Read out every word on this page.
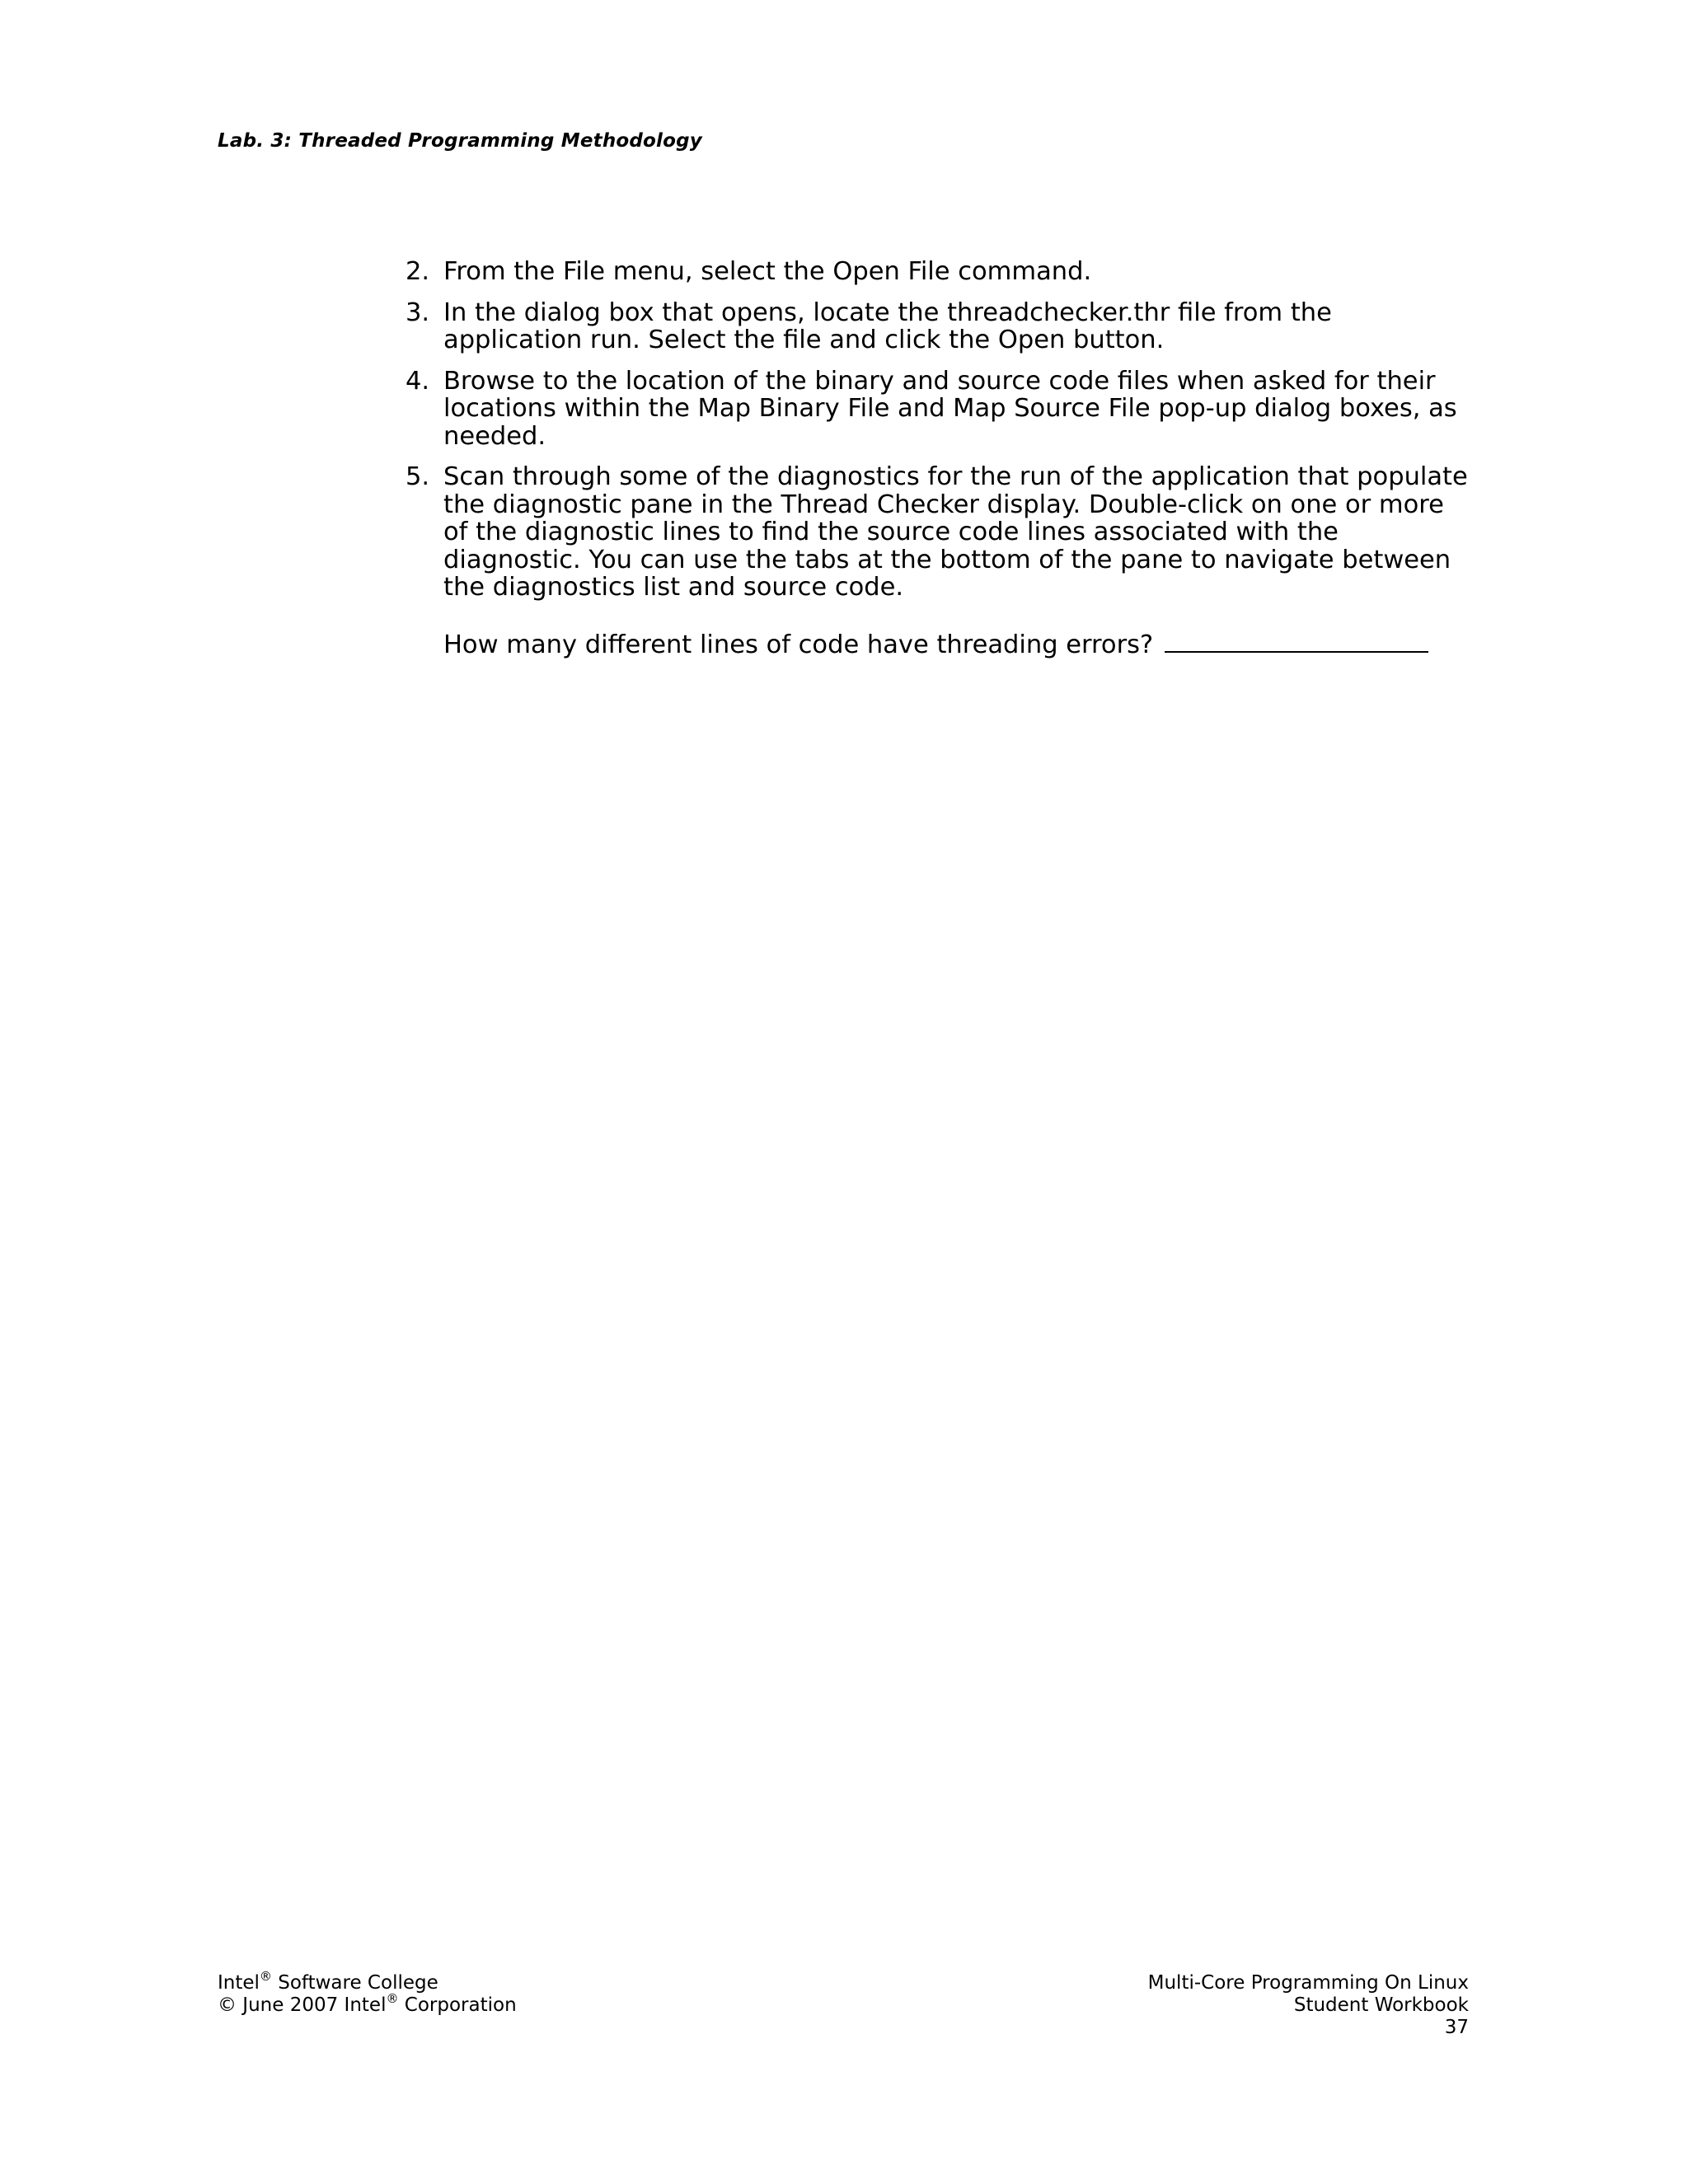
Lab. 3: Threaded Programming Methodology
2. From the File menu, select the Open File command.
3. In the dialog box that opens, locate the threadchecker.thr file from the application run. Select the file and click the Open button.
4. Browse to the location of the binary and source code files when asked for their locations within the Map Binary File and Map Source File pop-up dialog boxes, as needed.
5. Scan through some of the diagnostics for the run of the application that populate the diagnostic pane in the Thread Checker display. Double-click on one or more of the diagnostic lines to find the source code lines associated with the diagnostic. You can use the tabs at the bottom of the pane to navigate between the diagnostics list and source code.
How many different lines of code have threading errors?
Intel® Software College
© June 2007 Intel® Corporation
Multi-Core Programming On Linux
Student Workbook
37
